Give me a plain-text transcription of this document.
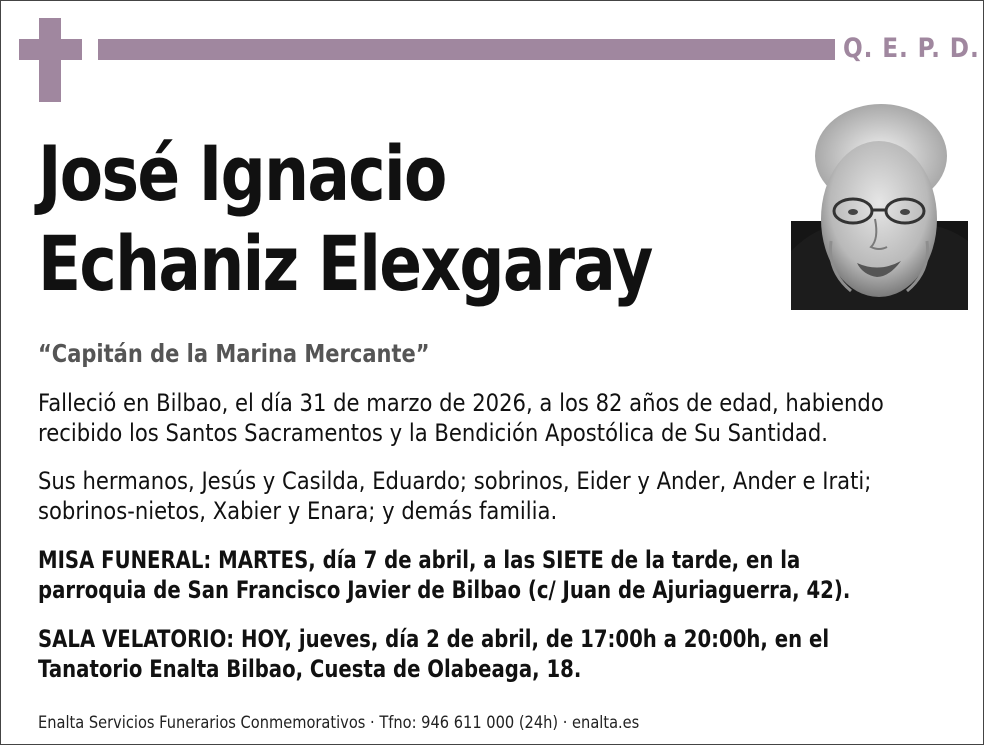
Q. E. P. D.
José Ignacio
Echaniz Elexgaray
“Capitán de la Marina Mercante”

Falleció en Bilbao, el día 31 de marzo de 2026, a los 82 años de edad, habiendo
recibido los Santos Sacramentos y la Bendición Apostólica de Su Santidad.

Sus hermanos, Jesús y Casilda, Eduardo; sobrinos, Eider y Ander, Ander e Irati;
sobrinos-nietos, Xabier y Enara; y demás familia.

MISA FUNERAL: MARTES, día 7 de abril, a las SIETE de la tarde, en la
parroquia de San Francisco Javier de Bilbao (c/ Juan de Ajuriaguerra, 42).

SALA VELATORIO: HOY, jueves, día 2 de abril, de 17:00h a 20:00h, en el
Tanatorio Enalta Bilbao, Cuesta de Olabeaga, 18.

Enalta Servicios Funerarios Conmemorativos · Tfno: 946 611 000 (24h) · enalta.es
